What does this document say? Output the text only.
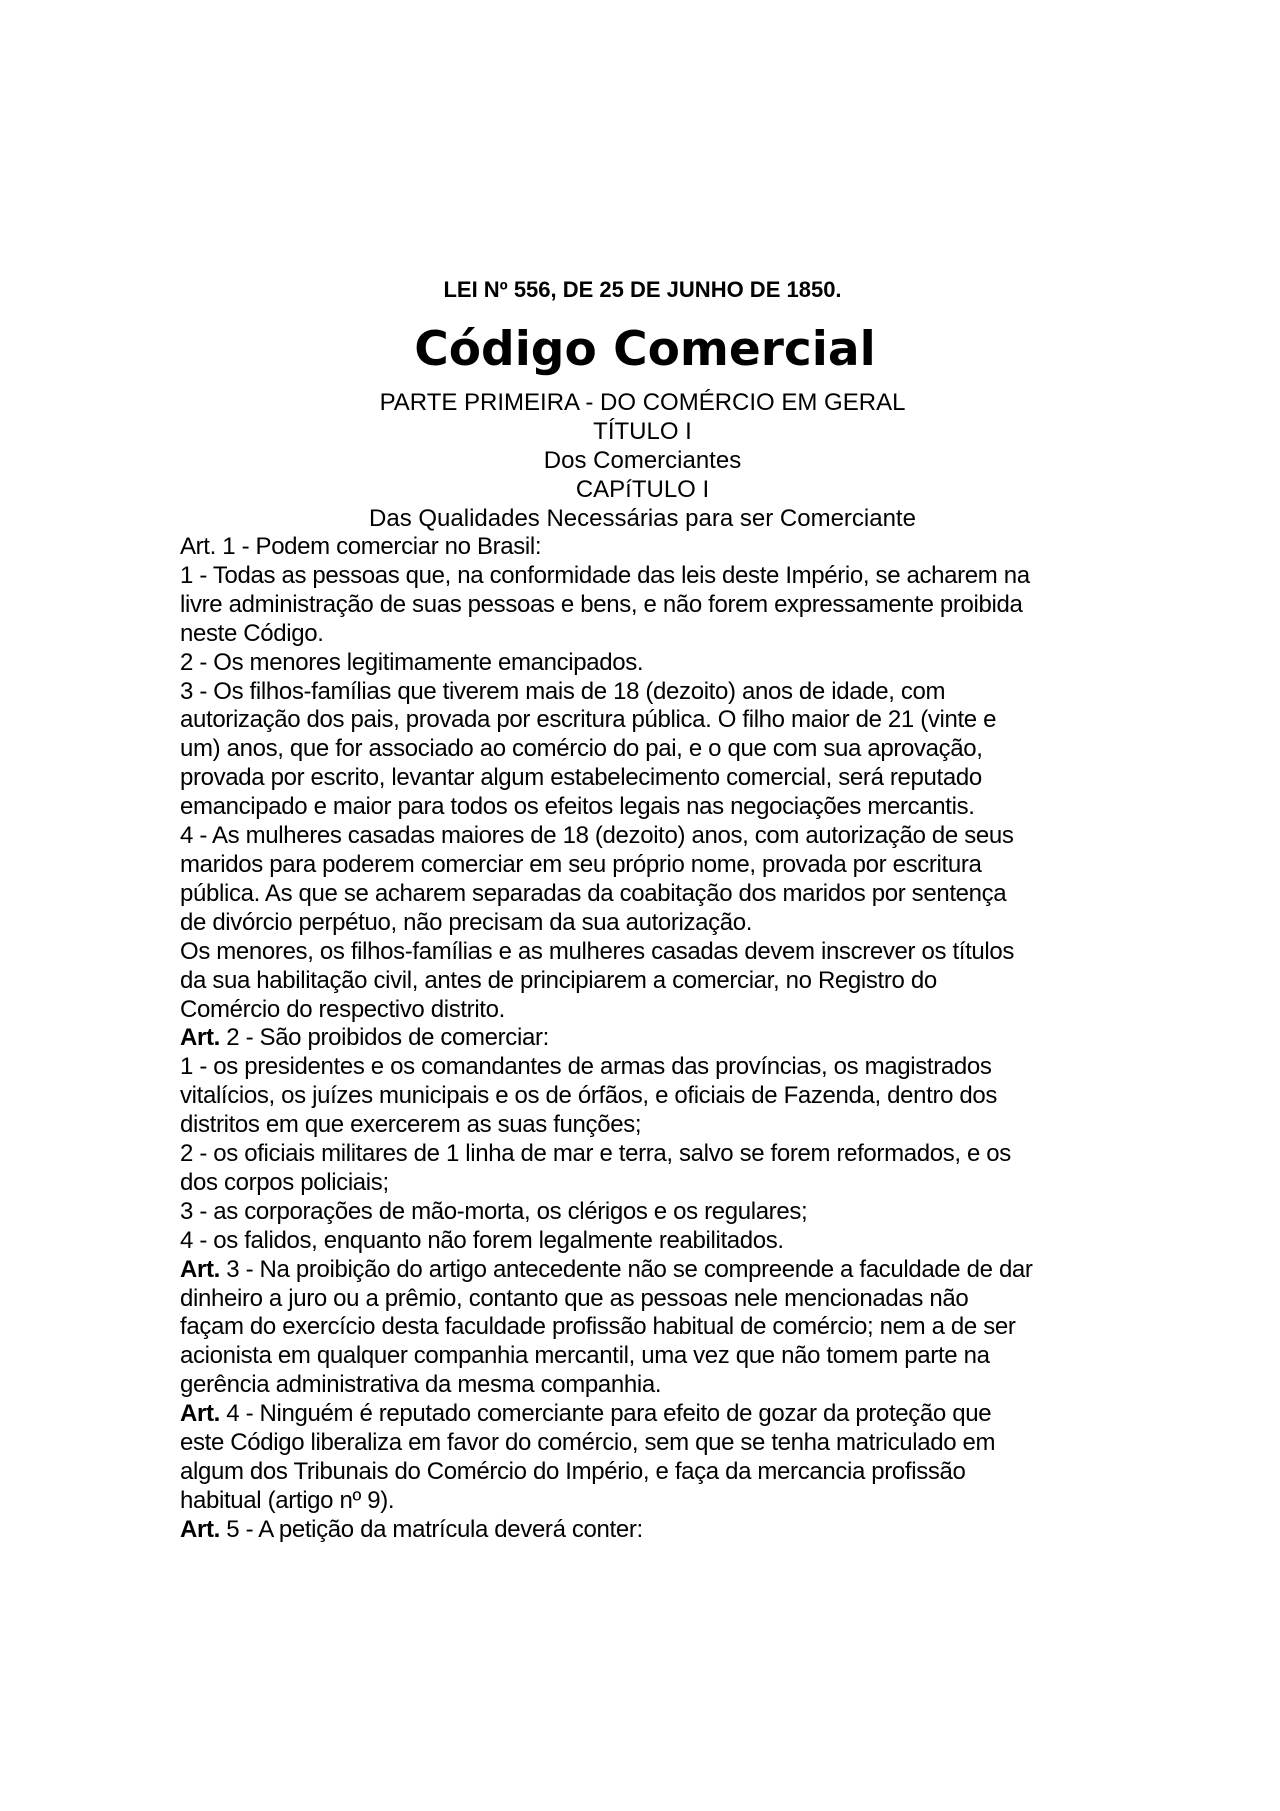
LEI Nº 556, DE 25 DE JUNHO DE 1850.
Código Comercial
PARTE PRIMEIRA - DO COMÉRCIO EM GERAL
TÍTULO I
Dos Comerciantes
CAPíTULO I
Das Qualidades Necessárias para ser Comerciante
Art. 1 - Podem comerciar no Brasil:
1 - Todas as pessoas que, na conformidade das leis deste Império, se acharem na
livre administração de suas pessoas e bens, e não forem expressamente proibida
neste Código.
2 - Os menores legitimamente emancipados.
3 - Os filhos-famílias que tiverem mais de 18 (dezoito) anos de idade, com
autorização dos pais, provada por escritura pública. O filho maior de 21 (vinte e
um) anos, que for associado ao comércio do pai, e o que com sua aprovação,
provada por escrito, levantar algum estabelecimento comercial, será reputado
emancipado e maior para todos os efeitos legais nas negociações mercantis.
4 - As mulheres casadas maiores de 18 (dezoito) anos, com autorização de seus
maridos para poderem comerciar em seu próprio nome, provada por escritura
pública. As que se acharem separadas da coabitação dos maridos por sentença
de divórcio perpétuo, não precisam da sua autorização.
Os menores, os filhos-famílias e as mulheres casadas devem inscrever os títulos
da sua habilitação civil, antes de principiarem a comerciar, no Registro do
Comércio do respectivo distrito.
Art. 2 - São proibidos de comerciar:
1 - os presidentes e os comandantes de armas das províncias, os magistrados
vitalícios, os juízes municipais e os de órfãos, e oficiais de Fazenda, dentro dos
distritos em que exercerem as suas funções;
2 - os oficiais militares de 1 linha de mar e terra, salvo se forem reformados, e os
dos corpos policiais;
3 - as corporações de mão-morta, os clérigos e os regulares;
4 - os falidos, enquanto não forem legalmente reabilitados.
Art. 3 - Na proibição do artigo antecedente não se compreende a faculdade de dar
dinheiro a juro ou a prêmio, contanto que as pessoas nele mencionadas não
façam do exercício desta faculdade profissão habitual de comércio; nem a de ser
acionista em qualquer companhia mercantil, uma vez que não tomem parte na
gerência administrativa da mesma companhia.
Art. 4 - Ninguém é reputado comerciante para efeito de gozar da proteção que
este Código liberaliza em favor do comércio, sem que se tenha matriculado em
algum dos Tribunais do Comércio do Império, e faça da mercancia profissão
habitual (artigo nº 9).
Art. 5 - A petição da matrícula deverá conter:
